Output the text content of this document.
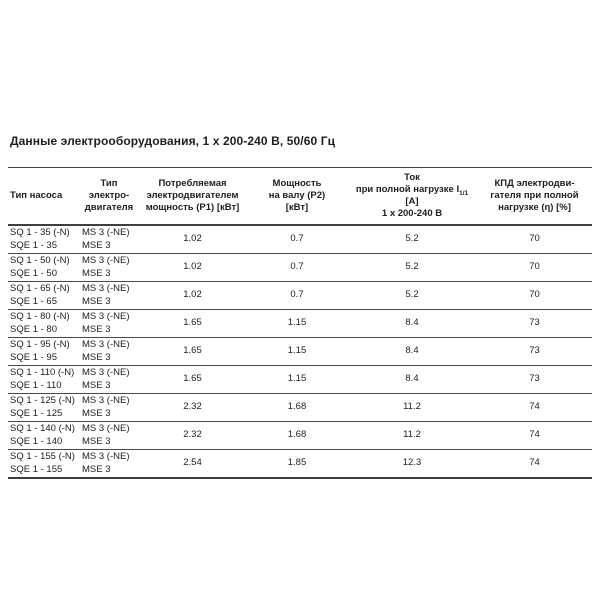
Данные электрооборудования, 1 x 200-240 В, 50/60 Гц
Тип насоса	Тип
электро-
двигателя	Потребляемая
электродвигателем
мощность (P1) [кВт]	Мощность
на валу (P2)
[кВт]	Ток
при полной нагрузке $I_{1/1}$ [A]
1 x 200-240 В	КПД электродви-
гателя при полной
нагрузке (η) [%]
SQ 1 - 35 (-N)
SQE 1 - 35	MS 3 (-NE)
MSE 3	1.02	0.7	5.2	70
SQ 1 - 50 (-N)
SQE 1 - 50	MS 3 (-NE)
MSE 3	1.02	0.7	5.2	70
SQ 1 - 65 (-N)
SQE 1 - 65	MS 3 (-NE)
MSE 3	1.02	0.7	5.2	70
SQ 1 - 80 (-N)
SQE 1 - 80	MS 3 (-NE)
MSE 3	1.65	1.15	8.4	73
SQ 1 - 95 (-N)
SQE 1 - 95	MS 3 (-NE)
MSE 3	1.65	1.15	8.4	73
SQ 1 - 110 (-N)
SQE 1 - 110	MS 3 (-NE)
MSE 3	1.65	1.15	8.4	73
SQ 1 - 125 (-N)
SQE 1 - 125	MS 3 (-NE)
MSE 3	2.32	1.68	11.2	74
SQ 1 - 140 (-N)
SQE 1 - 140	MS 3 (-NE)
MSE 3	2.32	1.68	11.2	74
SQ 1 - 155 (-N)
SQE 1 - 155	MS 3 (-NE)
MSE 3	2.54	1.85	12.3	74
